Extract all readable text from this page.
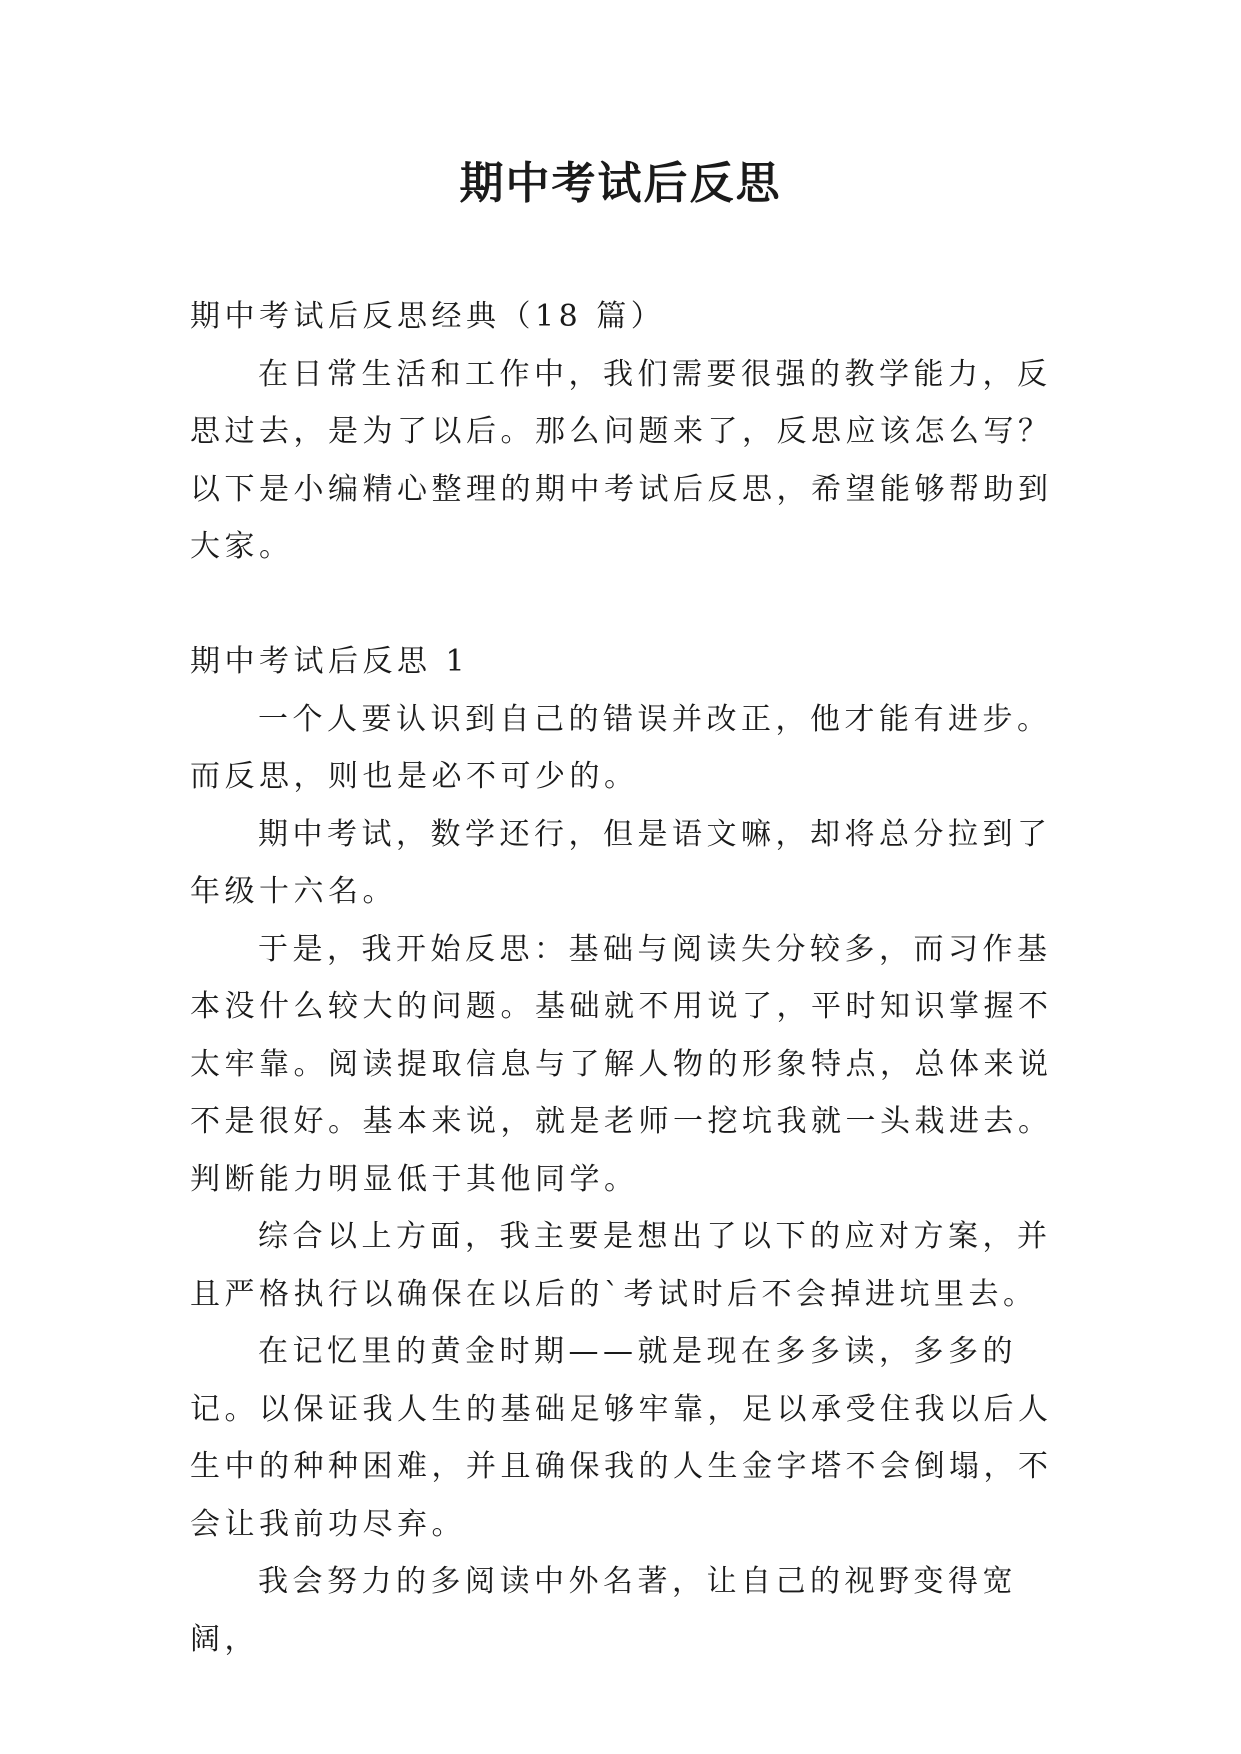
期中考试后反思

期中考试后反思经典（18 篇）

在日常生活和工作中，我们需要很强的教学能力，反思过去，是为了以后。那么问题来了，反思应该怎么写？以下是小编精心整理的期中考试后反思，希望能够帮助到大家。

期中考试后反思 1

一个人要认识到自己的错误并改正，他才能有进步。而反思，则也是必不可少的。

期中考试，数学还行，但是语文嘛，却将总分拉到了年级十六名。

于是，我开始反思：基础与阅读失分较多，而习作基本没什么较大的问题。基础就不用说了，平时知识掌握不太牢靠。阅读提取信息与了解人物的形象特点，总体来说不是很好。基本来说，就是老师一挖坑我就一头栽进去。判断能力明显低于其他同学。

综合以上方面，我主要是想出了以下的应对方案，并且严格执行以确保在以后的`考试时后不会掉进坑里去。

在记忆里的黄金时期——就是现在多多读，多多的记。以保证我人生的基础足够牢靠，足以承受住我以后人生中的种种困难，并且确保我的人生金字塔不会倒塌，不会让我前功尽弃。

我会努力的多阅读中外名著，让自己的视野变得宽阔，
